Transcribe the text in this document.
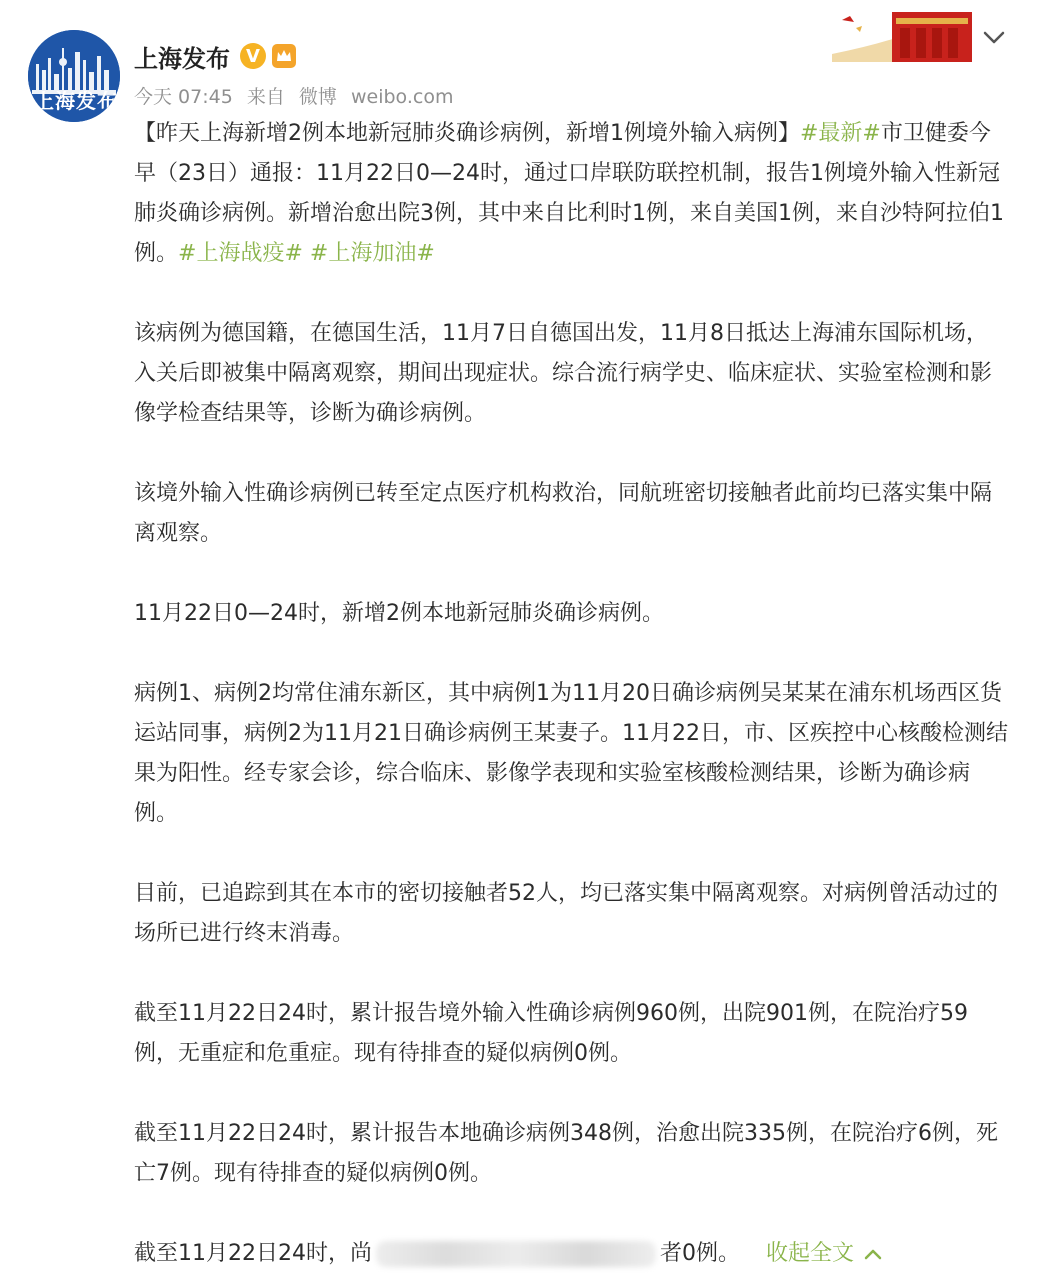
上海发布
上海发布 V
今天 07:45 来自 微博 weibo.com

【昨天上海新增2例本地新冠肺炎确诊病例，新增1例境外输入病例】#最新#市卫健委今早（23日）通报：11月22日0—24时，通过口岸联防联控机制，报告1例境外输入性新冠肺炎确诊病例。新增治愈出院3例，其中来自比利时1例，来自美国1例，来自沙特阿拉伯1例。#上海战疫# #上海加油#

该病例为德国籍，在德国生活，11月7日自德国出发，11月8日抵达上海浦东国际机场，入关后即被集中隔离观察，期间出现症状。综合流行病学史、临床症状、实验室检测和影像学检查结果等，诊断为确诊病例。

该境外输入性确诊病例已转至定点医疗机构救治，同航班密切接触者此前均已落实集中隔离观察。

11月22日0—24时，新增2例本地新冠肺炎确诊病例。

病例1、病例2均常住浦东新区，其中病例1为11月20日确诊病例吴某某在浦东机场西区货运站同事，病例2为11月21日确诊病例王某妻子。11月22日，市、区疾控中心核酸检测结果为阳性。经专家会诊，综合临床、影像学表现和实验室核酸检测结果，诊断为确诊病例。

目前，已追踪到其在本市的密切接触者52人，均已落实集中隔离观察。对病例曾活动过的场所已进行终末消毒。

截至11月22日24时，累计报告境外输入性确诊病例960例，出院901例，在院治疗59例，无重症和危重症。现有待排查的疑似病例0例。

截至11月22日24时，累计报告本地确诊病例348例，治愈出院335例，在院治疗6例，死亡7例。现有待排查的疑似病例0例。

截至11月22日24时，尚	者0例。 收起全文
